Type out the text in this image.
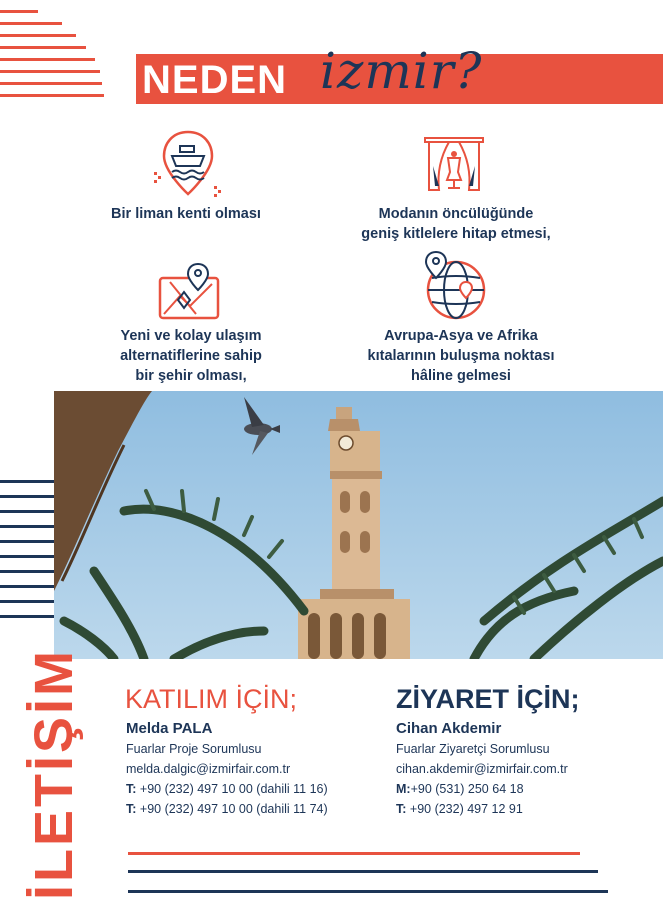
NEDEN izmir?
Bir liman kenti olması	Modanın öncülüğünde
geniş kitlelere hitap etmesi,
Yeni ve kolay ulaşım
alternatiflerine sahip
bir şehir olması,
Avrupa-Asya ve Afrika
kıtalarının buluşma noktası
hâline gelmesi
İLETİŞİM KATILIM İÇİN;
Melda PALA
Fuarlar Proje Sorumlusu
melda.dalgic@izmirfair.com.tr
T: +90 (232) 497 10 00 (dahili 11 16)
T: +90 (232) 497 10 00 (dahili 11 74)
ZİYARET İÇİN;
Cihan Akdemir
Fuarlar Ziyaretçi Sorumlusu
cihan.akdemir@izmirfair.com.tr
M:+90 (531) 250 64 18
T: +90 (232) 497 12 91
